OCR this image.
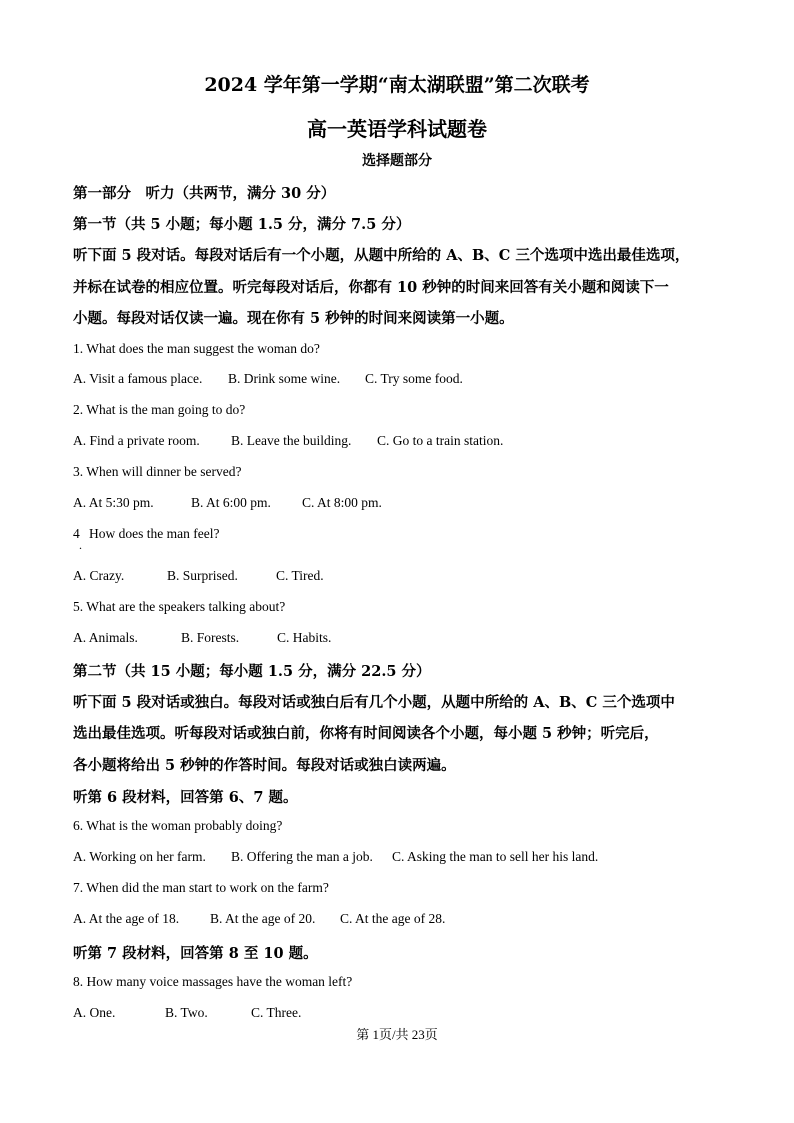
2024 学年第一学期“南太湖联盟”第二次联考
高一英语学科试题卷
选择题部分
第一部分　听力（共两节，满分 30 分）
第一节（共 5 小题；每小题 1.5 分，满分 7.5 分）
听下面 5 段对话。每段对话后有一个小题，从题中所给的 A、B、C 三个选项中选出最佳选项，
并标在试卷的相应位置。听完每段对话后，你都有 10 秒钟的时间来回答有关小题和阅读下一
小题。每段对话仅读一遍。现在你有 5 秒钟的时间来阅读第一小题。
1. What does the man suggest the woman do?
A. Visit a famous place. B. Drink some wine. C. Try some food.
2. What is the man going to do?
A. Find a private room. B. Leave the building. C. Go to a train station.
3. When will dinner be served?
A. At 5:30 pm.	B. At 6:00 pm. C. At 8:00 pm.
4 How does the man feel?
.
A. Crazy.	B. Surprised.	C. Tired.
5. What are the speakers talking about?
A. Animals.	B. Forests.	C. Habits.
第二节（共 15 小题；每小题 1.5 分，满分 22.5 分）
听下面 5 段对话或独白。每段对话或独白后有几个小题，从题中所给的 A、B、C 三个选项中
选出最佳选项。听每段对话或独白前，你将有时间阅读各个小题，每小题 5 秒钟；听完后，
各小题将给出 5 秒钟的作答时间。每段对话或独白读两遍。
听第 6 段材料，回答第 6、7 题。
6. What is the woman probably doing?
A. Working on her farm. B. Offering the man a job. C. Asking the man to sell her his land.
7. When did the man start to work on the farm?
A. At the age of 18. B. At the age of 20. C. At the age of 28.
听第 7 段材料，回答第 8 至 10 题。
8. How many voice massages have the woman left?
A. One.	B. Two.	C. Three.
第 1页/共 23页
